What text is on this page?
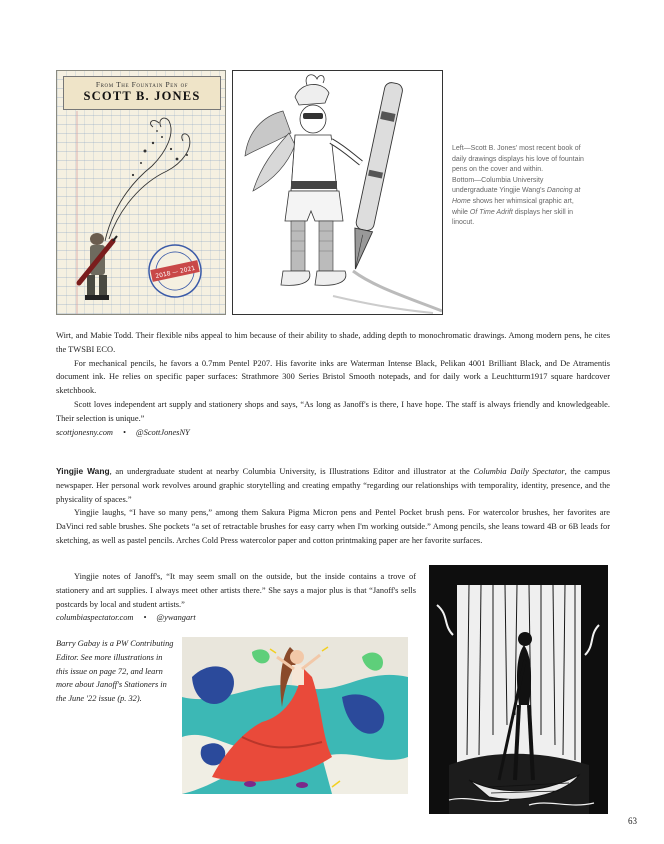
From The Fountain Pen of
SCOTT B. JONES
2018 — 2021
Left—Scott B. Jones' most recent book of daily drawings displays his love of fountain pens on the cover and within.
Bottom—Columbia University undergraduate Yingjie Wang's Dancing at Home shows her whimsical graphic art, while Of Time Adrift displays her skill in linocut.
Wirt, and Mabie Todd. Their flexible nibs appeal to him because of their ability to shade, adding depth to monochromatic drawings. Among modern pens, he cites the TWSBI ECO.
For mechanical pencils, he favors a 0.7mm Pentel P207. His favorite inks are Waterman Intense Black, Pelikan 4001 Brilliant Black, and De Atramentis document ink. He relies on specific paper surfaces: Strathmore 300 Series Bristol Smooth notepads, and for daily work a Leuchtturm1917 square hardcover sketchbook.
Scott loves independent art supply and stationery shops and says, “As long as Janoff's is there, I have hope. The staff is always friendly and knowledgeable. Their selection is unique.”
scottjonesny.com • @ScottJonesNY
Yingjie Wang, an undergraduate student at nearby Columbia University, is Illustrations Editor and illustrator at the Columbia Daily Spectator, the campus newspaper. Her personal work revolves around graphic storytelling and creating empathy “regarding our relationships with temporality, identity, presence, and the physicality of spaces.”
Yingjie laughs, “I have so many pens,” among them Sakura Pigma Micron pens and Pentel Pocket brush pens. For watercolor brushes, her favorites are DaVinci red sable brushes. She pockets “a set of retractable brushes for easy carry when I'm working outside.” Among pencils, she leans toward 4B or 6B leads for sketching, as well as pastel pencils. Arches Cold Press watercolor paper and cotton printmaking paper are her favorite surfaces.
Yingjie notes of Janoff's, “It may seem small on the outside, but the inside contains a trove of stationery and art supplies. I always meet other artists there.” She says a major plus is that “Janoff's sells postcards by local and student artists.”
columbiaspectator.com • @ywangart
Barry Gabay is a PW Contributing Editor. See more illustrations in this issue on page 72, and learn more about Janoff's Stationers in the June '22 issue (p. 32).
63
